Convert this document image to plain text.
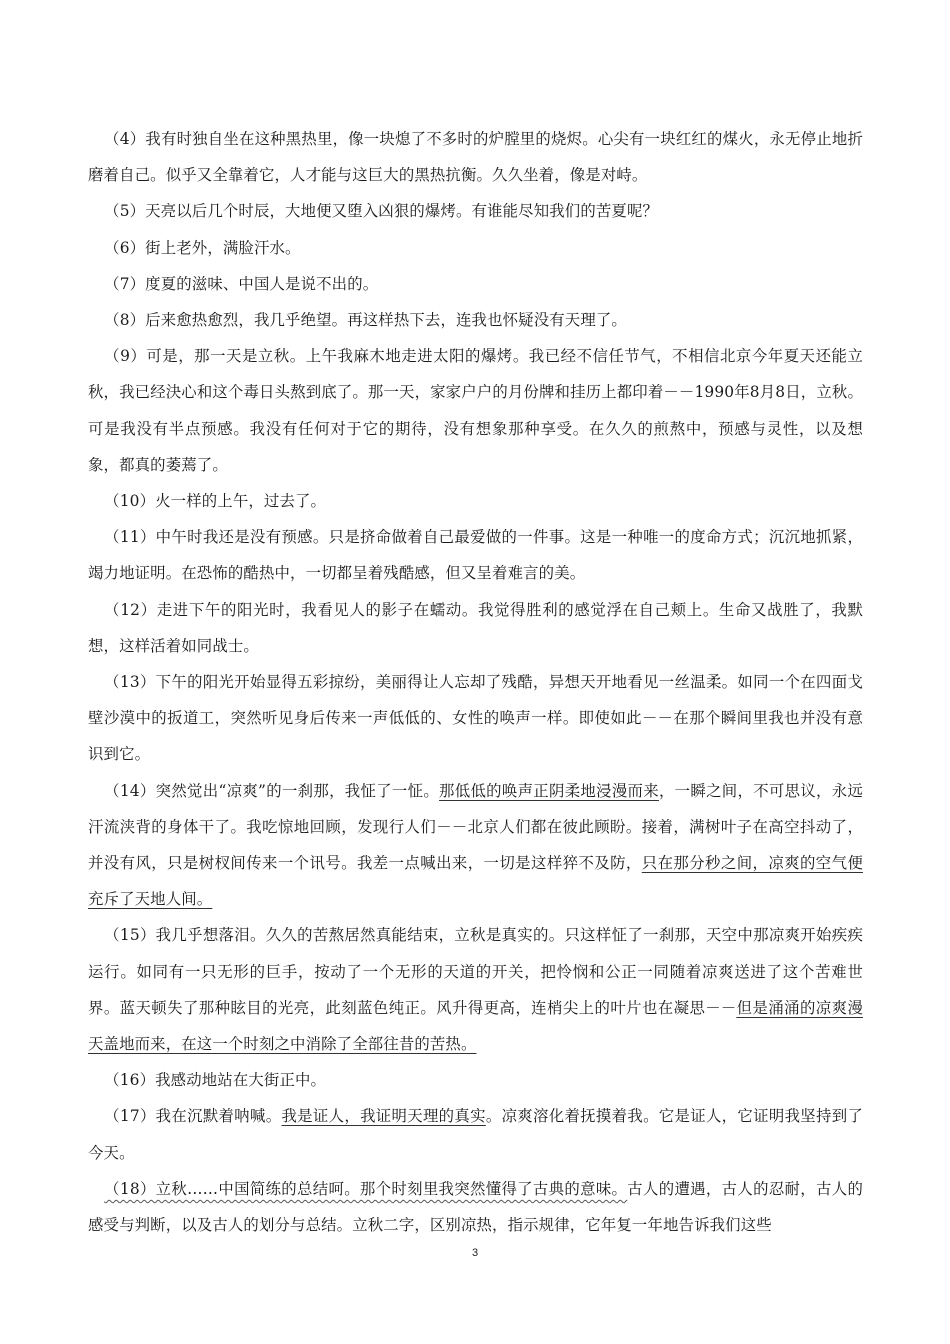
（4）我有时独自坐在这种黑热里，像一块熄了不多时的炉膛里的烧烬。心尖有一块红红的煤火，永无停止地折磨着自己。似乎又全靠着它，人才能与这巨大的黑热抗衡。久久坐着，像是对峙。

（5）天亮以后几个时辰，大地便又堕入凶狠的爆烤。有谁能尽知我们的苦夏呢？

（6）街上老外，满脸汗水。

（7）度夏的滋味、中国人是说不出的。

（8）后来愈热愈烈，我几乎绝望。再这样热下去，连我也怀疑没有天理了。

（9）可是，那一天是立秋。上午我麻木地走进太阳的爆烤。我已经不信任节气，不相信北京今年夏天还能立秋，我已经決心和这个毒日头熬到底了。那一天，家家户户的月份牌和挂历上都印着－－1990年8月8日，立秋。可是我没有半点预感。我没有任何对于它的期待，没有想象那种享受。在久久的煎熬中，预感与灵性，以及想象，都真的萎蔫了。

（10）火一样的上午，过去了。

（11）中午时我还是没有预感。只是挤命做着自己最爱做的一件事。这是一种唯一的度命方式；沉沉地抓紧，竭力地证明。在恐怖的酷热中，一切都呈着残酷感，但又呈着难言的美。

（12）走进下午的阳光时，我看见人的影子在蠕动。我觉得胜利的感觉浮在自己颊上。生命又战胜了，我默想，这样活着如同战士。

（13）下午的阳光开始显得五彩掠纷，美丽得让人忘却了残酷，异想天开地看见一丝温柔。如同一个在四面戈壁沙漠中的扳道工，突然听见身后传来一声低低的、女性的唤声一样。即使如此－－在那个瞬间里我也并没有意识到它。

（14）突然觉出“凉爽”的一刹那，我怔了一怔。那低低的唤声正阴柔地浸漫而来，一瞬之间，不可思议，永远汗流浃背的身体干了。我吃惊地回顾，发现行人们－－北京人们都在彼此顾盼。接着，满树叶子在高空抖动了，并没有风，只是树杈间传来一个讯号。我差一点喊出来，一切是这样猝不及防，只在那分秒之间，凉爽的空气便充斥了天地人间。

（15）我几乎想落泪。久久的苦熬居然真能结束，立秋是真实的。只这样怔了一刹那，天空中那凉爽开始疾疾运行。如同有一只无形的巨手，按动了一个无形的天道的开关，把怜悯和公正一同随着凉爽送进了这个苦难世界。蓝天顿失了那种眩目的光亮，此刻蓝色纯正。风升得更高，连梢尖上的叶片也在凝思－－但是涌涌的凉爽漫天盖地而来，在这一个时刻之中消除了全部往昔的苦热。

（16）我感动地站在大街正中。

（17）我在沉默着呐喊。我是证人，我证明天理的真实。凉爽溶化着抚摸着我。它是证人，它证明我坚持到了今天。

（18）立秋……中国简练的总结呵。那个时刻里我突然懂得了古典的意味。古人的遭遇，古人的忍耐，古人的感受与判断，以及古人的划分与总结。立秋二字，区别凉热，指示规律，它年复一年地告诉我们这些

3
